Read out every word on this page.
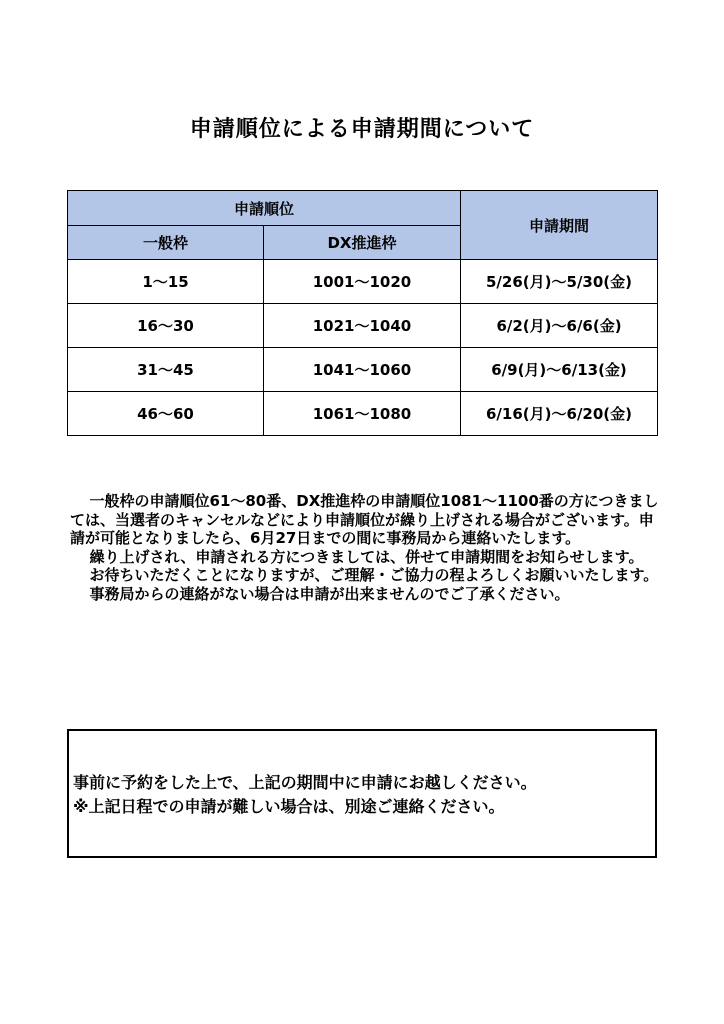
申請順位による申請期間について
申請順位		申請期間
一般枠	DX推進枠	
1～15	1001～1020	5/26(月)～5/30(金)
16～30	1021～1040	6/2(月)～6/6(金)
31～45	1041～1060	6/9(月)～6/13(金)
46～60	1061～1080	6/16(月)～6/20(金)

一般枠の申請順位61～80番、DX推進枠の申請順位1081～1100番の方につきましては、当選者のキャンセルなどにより申請順位が繰り上げされる場合がございます。申請が可能となりましたら、6月27日までの間に事務局から連絡いたします。

繰り上げされ、申請される方につきましては、併せて申請期間をお知らせします。

お待ちいただくことになりますが、ご理解・ご協力の程よろしくお願いいたします。

事務局からの連絡がない場合は申請が出来ませんのでご了承ください。

事前に予約をした上で、上記の期間中に申請にお越しください。
※上記日程での申請が難しい場合は、別途ご連絡ください。
